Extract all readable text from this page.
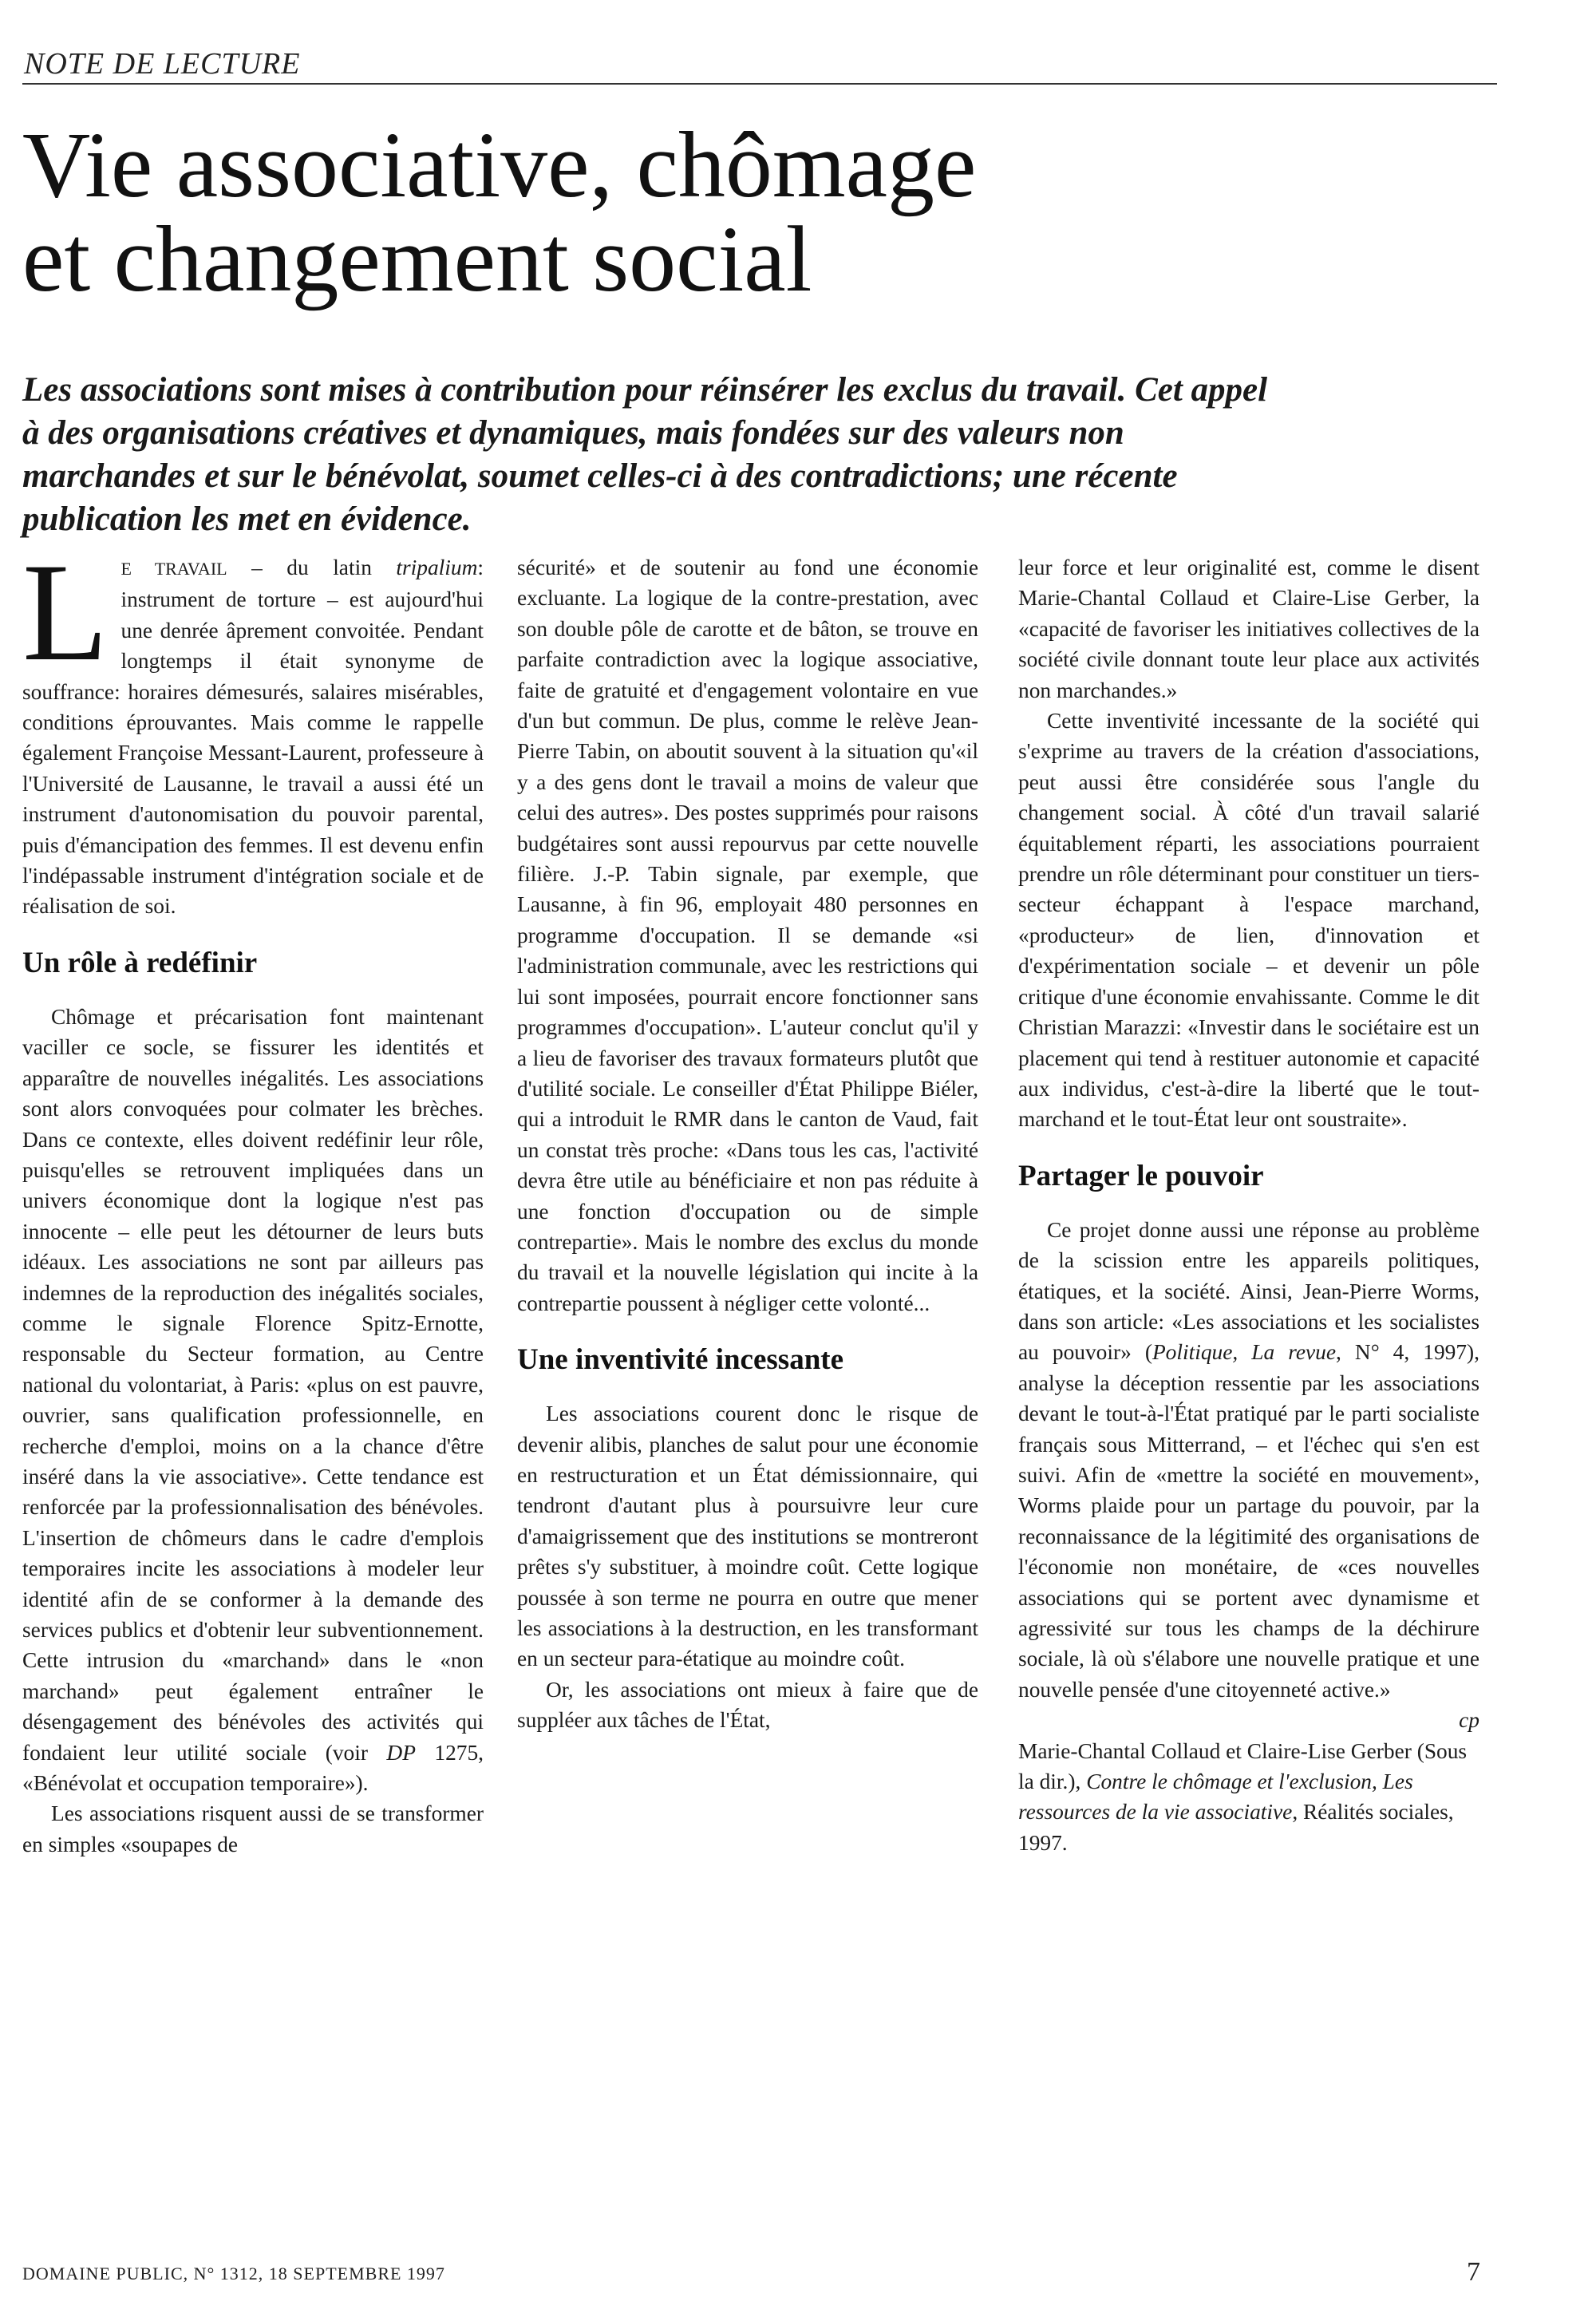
NOTE DE LECTURE
Vie associative, chômage
et changement social
Les associations sont mises à contribution pour réinsérer les exclus du travail. Cet appel à des organisations créatives et dynamiques, mais fondées sur des valeurs non marchandes et sur le bénévolat, soumet celles-ci à des contradictions; une récente publication les met en évidence.

L E TRAVAIL – du latin tripalium: instrument de torture – est aujourd'hui une denrée âprement convoitée. Pendant longtemps il était synonyme de souffrance: horaires démesurés, salaires misérables, conditions éprouvantes. Mais comme le rappelle également Françoise Messant-Laurent, professeure à l'Université de Lausanne, le travail a aussi été un instrument d'autonomisation du pouvoir parental, puis d'émancipation des femmes. Il est devenu enfin l'indépassable instrument d'intégration sociale et de réalisation de soi.

Un rôle à redéfinir

Chômage et précarisation font maintenant vaciller ce socle, se fissurer les identités et apparaître de nouvelles inégalités. Les associations sont alors convoquées pour colmater les brèches. Dans ce contexte, elles doivent redéfinir leur rôle, puisqu'elles se retrouvent impliquées dans un univers économique dont la logique n'est pas innocente – elle peut les détourner de leurs buts idéaux. Les associations ne sont par ailleurs pas indemnes de la reproduction des inégalités sociales, comme le signale Florence Spitz-Ernotte, responsable du Secteur formation, au Centre national du volontariat, à Paris: «plus on est pauvre, ouvrier, sans qualification professionnelle, en recherche d'emploi, moins on a la chance d'être inséré dans la vie associative». Cette tendance est renforcée par la professionnalisation des bénévoles. L'insertion de chômeurs dans le cadre d'emplois temporaires incite les associations à modeler leur identité afin de se conformer à la demande des services publics et d'obtenir leur subventionnement. Cette intrusion du «marchand» dans le «non marchand» peut également entraîner le désengagement des bénévoles des activités qui fondaient leur utilité sociale (voir DP 1275, «Bénévolat et occupation temporaire»).

Les associations risquent aussi de se transformer en simples «soupapes de

sécurité» et de soutenir au fond une économie excluante. La logique de la contre-prestation, avec son double pôle de carotte et de bâton, se trouve en parfaite contradiction avec la logique associative, faite de gratuité et d'engagement volontaire en vue d'un but commun. De plus, comme le relève Jean-Pierre Tabin, on aboutit souvent à la situation qu'«il y a des gens dont le travail a moins de valeur que celui des autres». Des postes supprimés pour raisons budgétaires sont aussi repourvus par cette nouvelle filière. J.-P. Tabin signale, par exemple, que Lausanne, à fin 96, employait 480 personnes en programme d'occupation. Il se demande «si l'administration communale, avec les restrictions qui lui sont imposées, pourrait encore fonctionner sans programmes d'occupation». L'auteur conclut qu'il y a lieu de favoriser des travaux formateurs plutôt que d'utilité sociale. Le conseiller d'État Philippe Biéler, qui a introduit le RMR dans le canton de Vaud, fait un constat très proche: «Dans tous les cas, l'activité devra être utile au bénéficiaire et non pas réduite à une fonction d'occupation ou de simple contrepartie». Mais le nombre des exclus du monde du travail et la nouvelle législation qui incite à la contrepartie poussent à négliger cette volonté...

Une inventivité incessante

Les associations courent donc le risque de devenir alibis, planches de salut pour une économie en restructuration et un État démissionnaire, qui tendront d'autant plus à poursuivre leur cure d'amaigrissement que des institutions se montreront prêtes s'y substituer, à moindre coût. Cette logique poussée à son terme ne pourra en outre que mener les associations à la destruction, en les transformant en un secteur para-étatique au moindre coût.

Or, les associations ont mieux à faire que de suppléer aux tâches de l'État,

leur force et leur originalité est, comme le disent Marie-Chantal Collaud et Claire-Lise Gerber, la «capacité de favoriser les initiatives collectives de la société civile donnant toute leur place aux activités non marchandes.»

Cette inventivité incessante de la société qui s'exprime au travers de la création d'associations, peut aussi être considérée sous l'angle du changement social. À côté d'un travail salarié équitablement réparti, les associations pourraient prendre un rôle déterminant pour constituer un tiers-secteur échappant à l'espace marchand, «producteur» de lien, d'innovation et d'expérimentation sociale – et devenir un pôle critique d'une économie envahissante. Comme le dit Christian Marazzi: «Investir dans le sociétaire est un placement qui tend à restituer autonomie et capacité aux individus, c'est-à-dire la liberté que le tout-marchand et le tout-État leur ont soustraite».

Partager le pouvoir

Ce projet donne aussi une réponse au problème de la scission entre les appareils politiques, étatiques, et la société. Ainsi, Jean-Pierre Worms, dans son article: «Les associations et les socialistes au pouvoir» (Politique, La revue, N° 4, 1997), analyse la déception ressentie par les associations devant le tout-à-l'État pratiqué par le parti socialiste français sous Mitterrand, – et l'échec qui s'en est suivi. Afin de «mettre la société en mouvement», Worms plaide pour un partage du pouvoir, par la reconnaissance de la légitimité des organisations de l'économie non monétaire, de «ces nouvelles associations qui se portent avec dynamisme et agressivité sur tous les champs de la déchirure sociale, là où s'élabore une nouvelle pratique et une nouvelle pensée d'une citoyenneté active.»

cp

Marie-Chantal Collaud et Claire-Lise Gerber (Sous la dir.), Contre le chômage et l'exclusion, Les ressources de la vie associative, Réalités sociales, 1997.

DOMAINE PUBLIC, N° 1312, 18 SEPTEMBRE 1997	7
